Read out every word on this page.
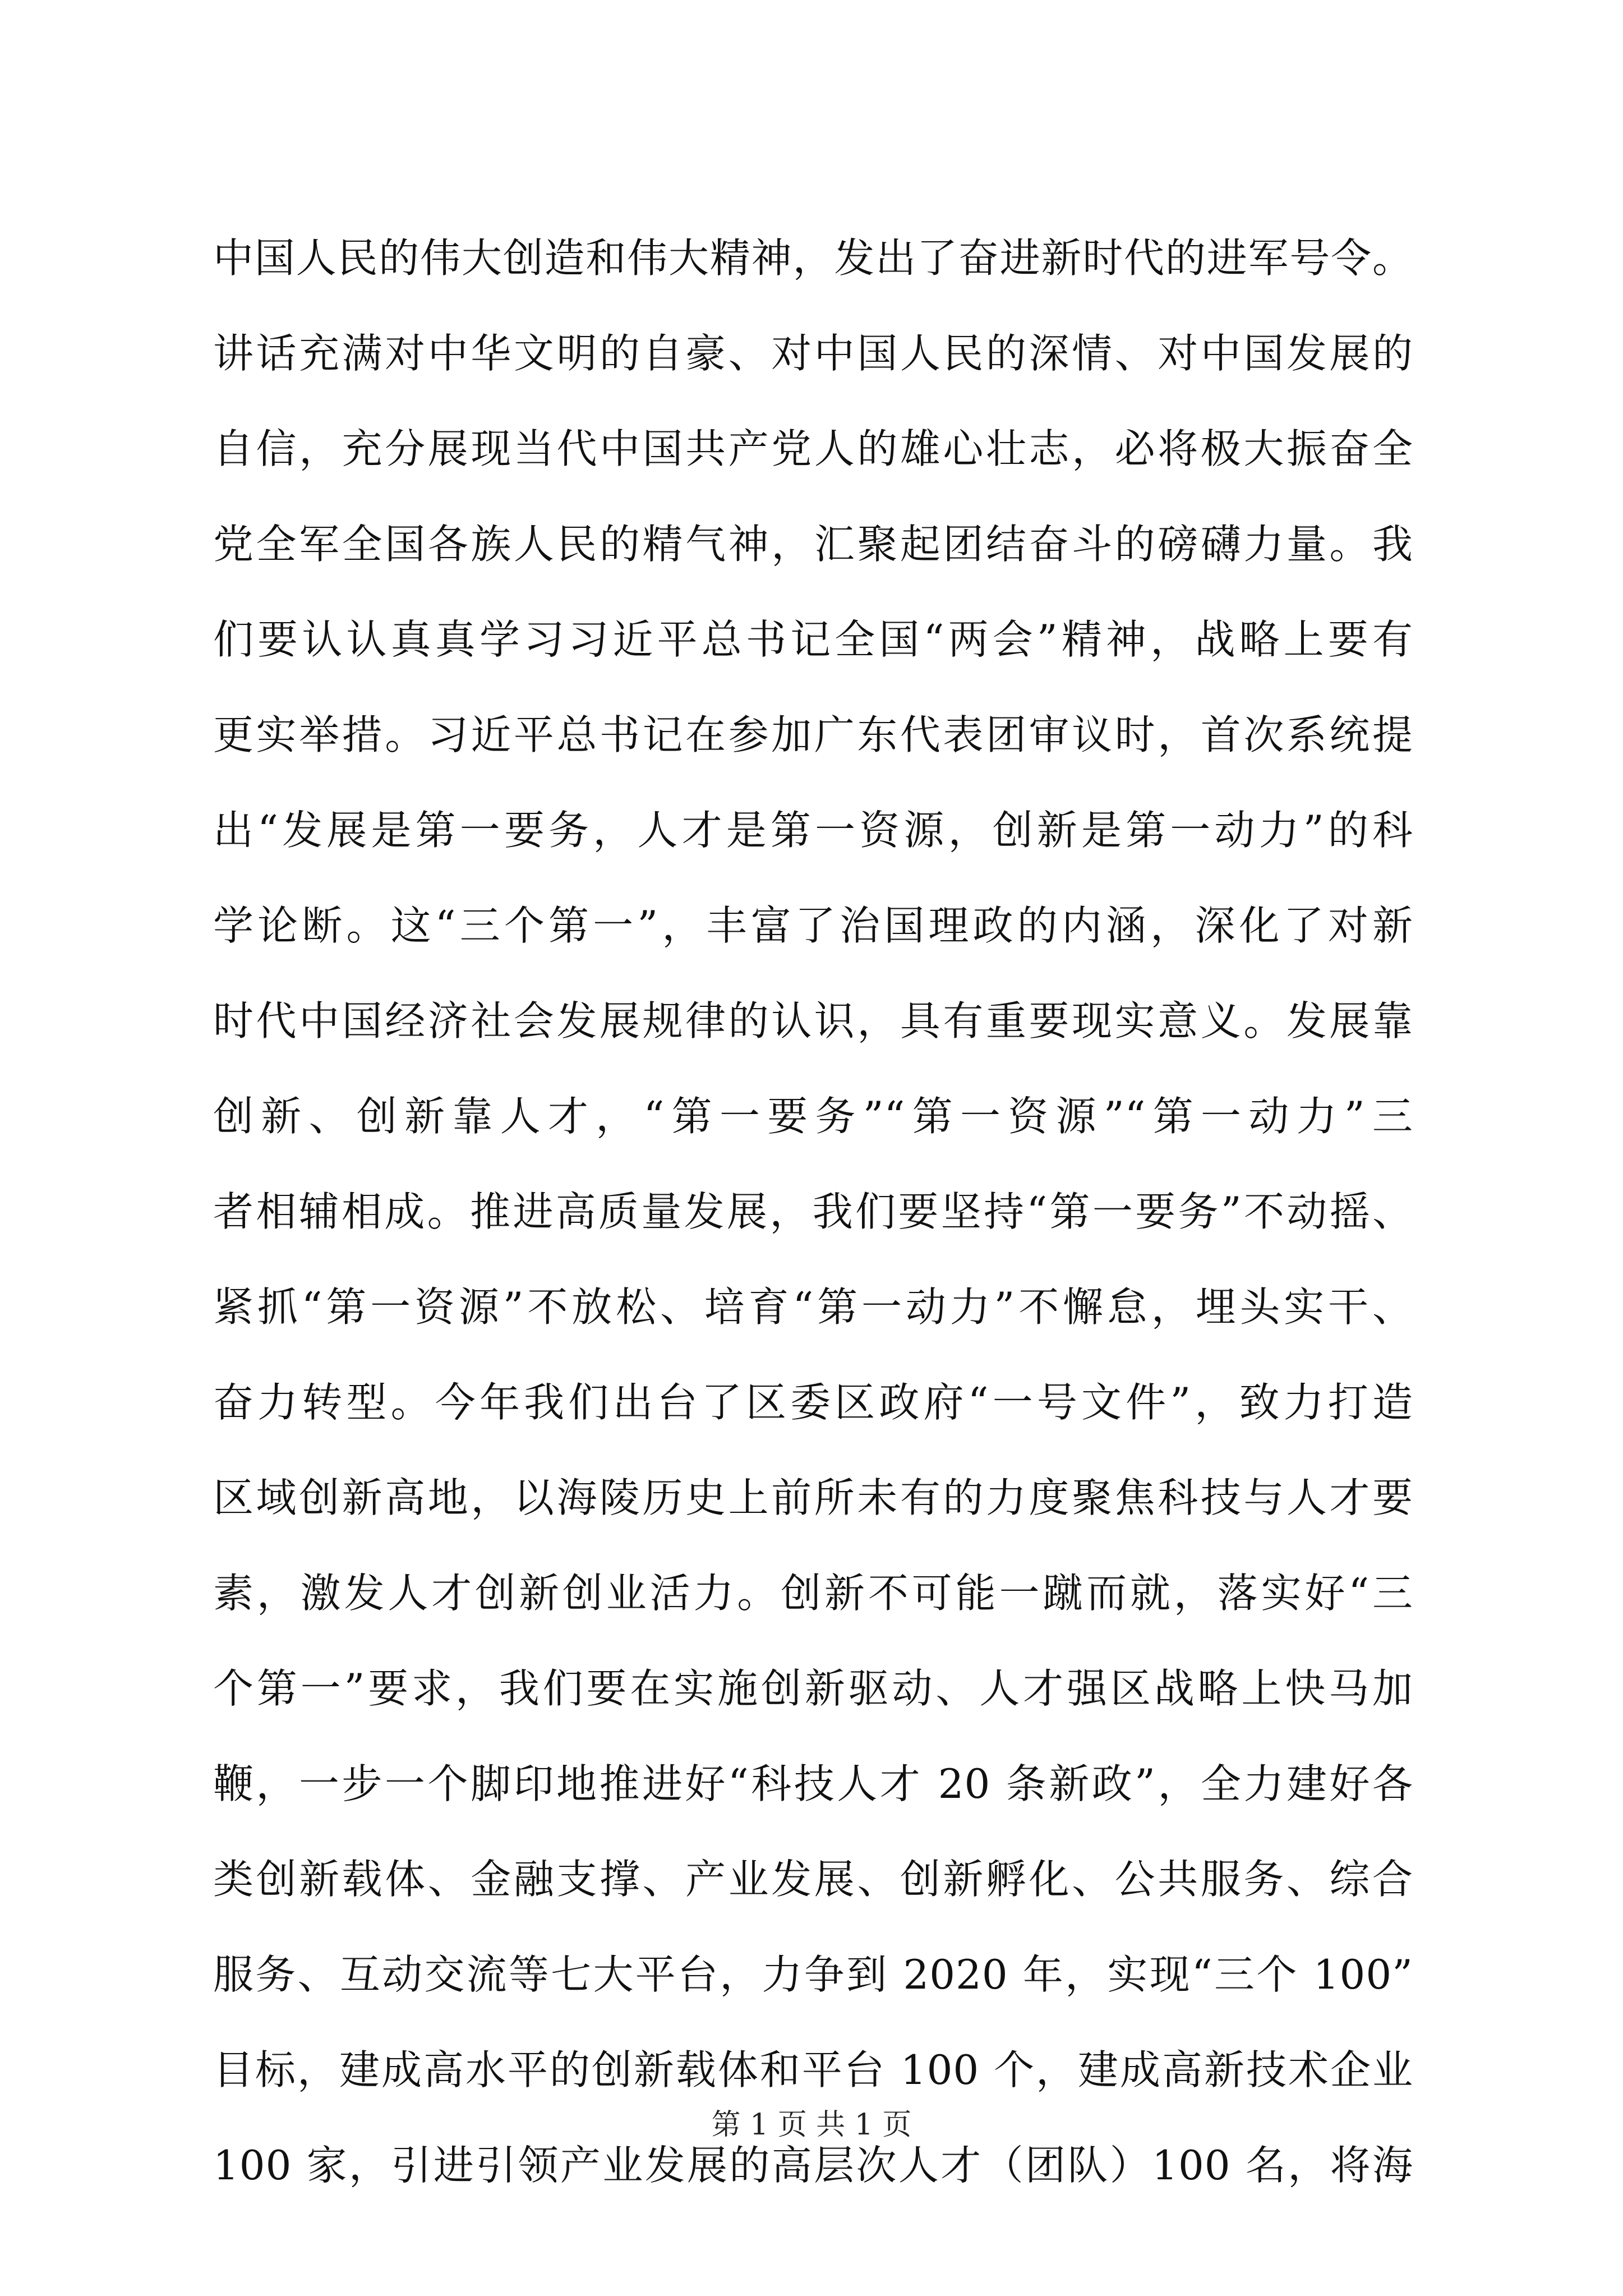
中国人民的伟大创造和伟大精神，发出了奋进新时代的进军号令。
讲话充满对中华文明的自豪、对中国人民的深情、对中国发展的
自信，充分展现当代中国共产党人的雄心壮志，必将极大振奋全
党全军全国各族人民的精气神，汇聚起团结奋斗的磅礴力量。我
们要认认真真学习习近平总书记全国“两会”精神，战略上要有
更实举措。习近平总书记在参加广东代表团审议时，首次系统提
出“发展是第一要务，人才是第一资源，创新是第一动力”的科
学论断。这“三个第一”，丰富了治国理政的内涵，深化了对新
时代中国经济社会发展规律的认识，具有重要现实意义。发展靠
创新、创新靠人才，“第一要务”“第一资源”“第一动力”三
者相辅相成。推进高质量发展，我们要坚持“第一要务”不动摇、
紧抓“第一资源”不放松、培育“第一动力”不懈怠，埋头实干、
奋力转型。今年我们出台了区委区政府“一号文件”，致力打造
区域创新高地，以海陵历史上前所未有的力度聚焦科技与人才要
素，激发人才创新创业活力。创新不可能一蹴而就，落实好“三
个第一”要求，我们要在实施创新驱动、人才强区战略上快马加
鞭，一步一个脚印地推进好“科技人才 20 条新政”，全力建好各
类创新载体、金融支撑、产业发展、创新孵化、公共服务、综合
服务、互动交流等七大平台，力争到 2020 年，实现“三个 100”
目标，建成高水平的创新载体和平台 100 个，建成高新技术企业
100 家，引进引领产业发展的高层次人才（团队）100 名，将海
第 1 页 共 1 页
